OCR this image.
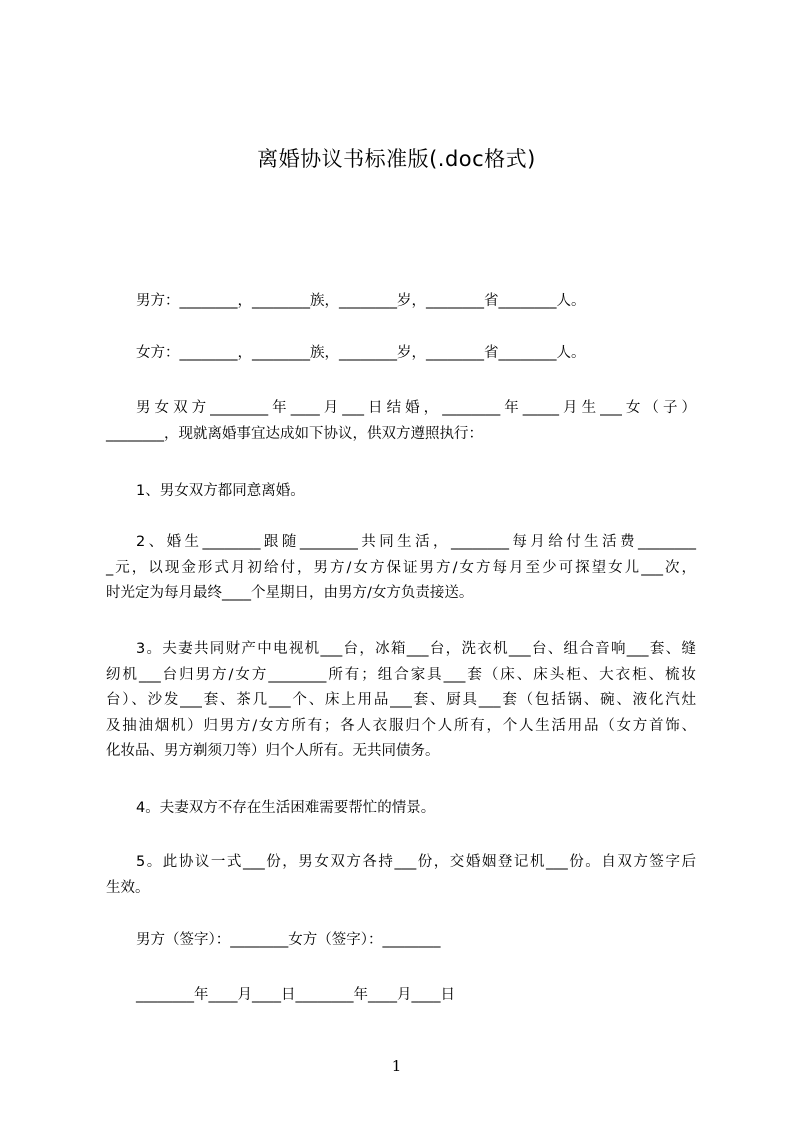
离婚协议书标准版(.doc格式)

男方：________，________族，________岁，________省________人。

女方：________，________族，________岁，________省________人。

男女双方________年____月___日结婚，________年_____月生___女（子）
________，现就离婚事宜达成如下协议，供双方遵照执行：

1、男女双方都同意离婚。

2、婚生________跟随________共同生活，________每月给付生活费________
_元，以现金形式月初给付，男方/女方保证男方/女方每月至少可探望女儿___次，
时光定为每月最终____个星期日，由男方/女方负责接送。
3。夫妻共同财产中电视机___台，冰箱___台，洗衣机___台、组合音响___套、缝
纫机___台归男方/女方________所有；组合家具___套（床、床头柜、大衣柜、梳妆
台）、沙发___套、茶几___个、床上用品___套、厨具___套（包括锅、碗、液化汽灶
及抽油烟机）归男方/女方所有；各人衣服归个人所有，个人生活用品（女方首饰、
化妆品、男方剃须刀等）归个人所有。无共同债务。

4。夫妻双方不存在生活困难需要帮忙的情景。

5。此协议一式___份，男女双方各持___份，交婚姻登记机___份。自双方签字后
生效。

男方（签字）：________女方（签字）：________

________年____月____日________年____月____日

1
